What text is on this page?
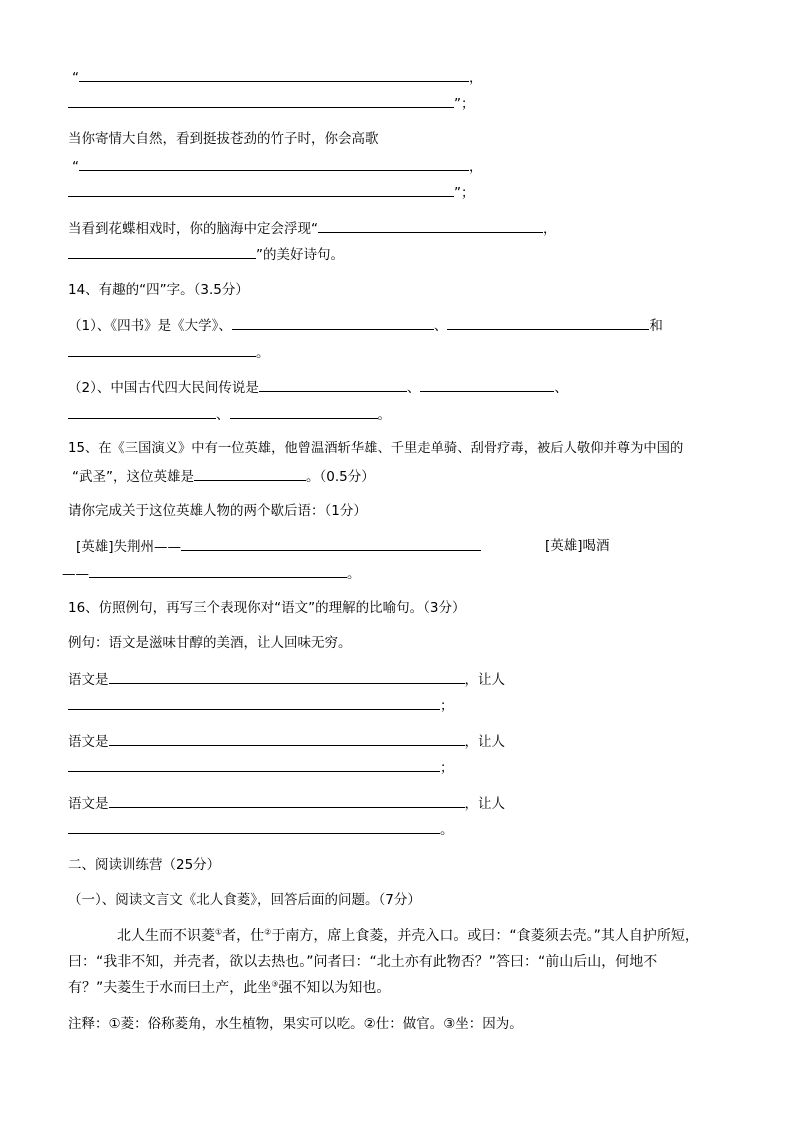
“	，
”；
当你寄情大自然，看到挺拔苍劲的竹子时，你会高歌
“	，
”；
当看到花蝶相戏时，你的脑海中定会浮现“	，
”的美好诗句。
14、有趣的“四”字。（3.5分）
（1）、《四书》是《大学》、	、	和
。
（2）、中国古代四大民间传说是	、	、
、	。
15、在《三国演义》中有一位英雄，他曾温酒斩华雄、千里走单骑、刮骨疗毒，被后人敬仰并尊为中国的
“武圣”，这位英雄是	。（0.5分）
请你完成关于这位英雄人物的两个歇后语：（1分）
[英雄]失荆州——	[英雄]喝酒
——	。
16、仿照例句，再写三个表现你对“语文”的理解的比喻句。（3分）
例句：语文是滋味甘醇的美酒，让人回味无穷。
语文是	，让人
；
语文是	，让人
；
语文是	，让人
。
二、阅读训练营（25分）
（一）、阅读文言文《北人食菱》，回答后面的问题。（7分）
北人生而不识菱①者，仕②于南方，席上食菱，并壳入口。或曰：“食菱须去壳。”其人自护所短，
曰：“我非不知，并壳者，欲以去热也。”问者曰：“北土亦有此物否？”答曰：“前山后山，何地不
有？”夫菱生于水而曰土产，此坐③强不知以为知也。
注释：①菱：俗称菱角，水生植物，果实可以吃。②仕：做官。③坐：因为。
